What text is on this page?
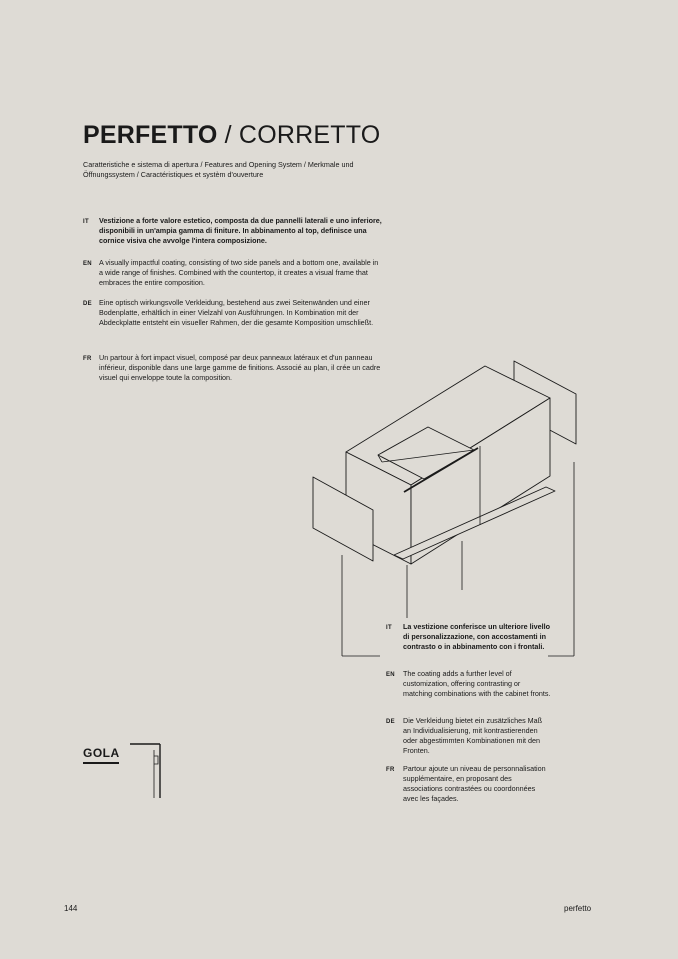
PERFETTO / CORRETTO
Caratteristiche e sistema di apertura / Features and Opening System / Merkmale und Öffnungssystem / Caractéristiques et systèm d'ouverture
IT Vestizione a forte valore estetico, composta da due pannelli laterali e uno inferiore, disponibili in un'ampia gamma di finiture. In abbinamento al top, definisce una cornice visiva che avvolge l'intera composizione.
EN A visually impactful coating, consisting of two side panels and a bottom one, available in a wide range of finishes. Combined with the countertop, it creates a visual frame that embraces the entire composition.
DE Eine optisch wirkungsvolle Verkleidung, bestehend aus zwei Seitenwänden und einer Bodenplatte, erhältlich in einer Vielzahl von Ausführungen. In Kombination mit der Abdeckplatte entsteht ein visueller Rahmen, der die gesamte Komposition umschließt.
FR Un partour à fort impact visuel, composé par deux panneaux latéraux et d'un panneau inférieur, disponible dans une large gamme de finitions. Associé au plan, il crée un cadre visuel qui enveloppe toute la composition.
IT La vestizione conferisce un ulteriore livello di personalizzazione, con accostamenti in contrasto o in abbinamento con i frontali.
EN The coating adds a further level of customization, offering contrasting or matching combinations with the cabinet fronts.
DE Die Verkleidung bietet ein zusätzliches Maß an Individualisierung, mit kontrastierenden oder abgestimmten Kombinationen mit den Fronten.
FR Partour ajoute un niveau de personnalisation supplémentaire, en proposant des associations contrastées ou coordonnées avec les façades.
GOLA
144	perfetto
